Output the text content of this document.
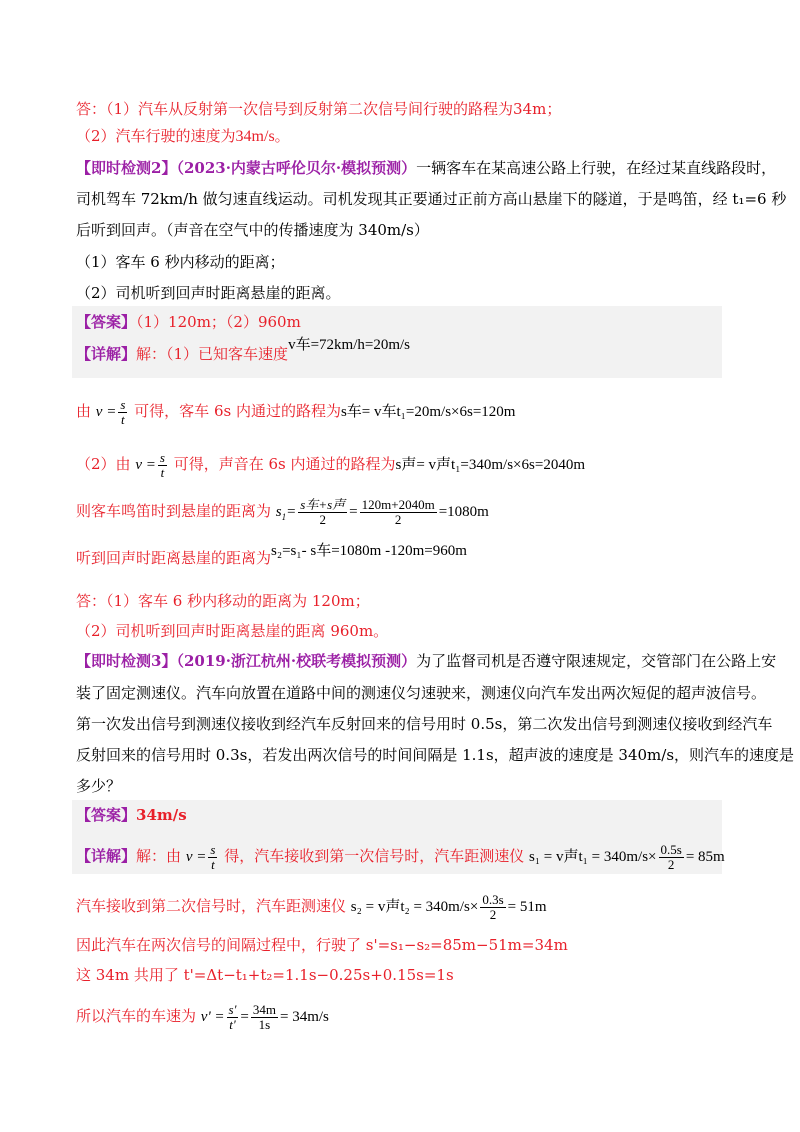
答：（1）汽车从反射第一次信号到反射第二次信号间行驶的路程为34m；
（2）汽车行驶的速度为34m/s。
【即时检测2】（2023·内蒙古呼伦贝尔·模拟预测）一辆客车在某高速公路上行驶，在经过某直线路段时，
司机驾车 72km/h 做匀速直线运动。司机发现其正要通过正前方高山悬崖下的隧道，于是鸣笛，经 t₁=6 秒
后听到回声。（声音在空气中的传播速度为 340m/s）
（1）客车 6 秒内移动的距离；
（2）司机听到回声时距离悬崖的距离。
【答案】（1）120m；（2）960m
【详解】解：（1）已知客车速度v车=72km/h=20m/s
由 $v = \frac{s}{t}$ 可得，客车 6s 内通过的路程为s车= v车t₁=20m/s×6s=120m
（2）由 $v = \frac{s}{t}$ 可得，声音在 6s 内通过的路程为s声= v声t₁=340m/s×6s=2040m
则客车鸣笛时到悬崖的距离为 $s_1= \frac{\text{s车+s声}}{2} = \frac{120m+2040m}{2} =1080m$
听到回声时距离悬崖的距离为s₂=s₁- s车=1080m -120m=960m
答：（1）客车 6 秒内移动的距离为 120m；
（2）司机听到回声时距离悬崖的距离 960m。
【即时检测3】（2019·浙江杭州·校联考模拟预测）为了监督司机是否遵守限速规定，交管部门在公路上安
装了固定测速仪。汽车向放置在道路中间的测速仪匀速驶来，测速仪向汽车发出两次短促的超声波信号。
第一次发出信号到测速仪接收到经汽车反射回来的信号用时 0.5s，第二次发出信号到测速仪接收到经汽车
反射回来的信号用时 0.3s，若发出两次信号的时间间隔是 1.1s，超声波的速度是 340m/s，则汽车的速度是
多少？
【答案】34m/s
【详解】解：由 $v = \frac{s}{t}$ 得，汽车接收到第一次信号时，汽车距测速仪 s₁ = v声$t_1 = 340m/s\times \frac{0.5s}{2} = 85m$
汽车接收到第二次信号时，汽车距测速仪 s₂ = v声$t_2 = 340m/s\times \frac{0.3s}{2} = 51m$
因此汽车在两次信号的间隔过程中，行驶了 s'=s₁−s₂=85m−51m=34m
这 34m 共用了 t'=Δt−t₁+t₂=1.1s−0.25s+0.15s=1s
所以汽车的车速为 $v' = \frac{s'}{t'} = \frac{34m}{1s} = 34m/s$
